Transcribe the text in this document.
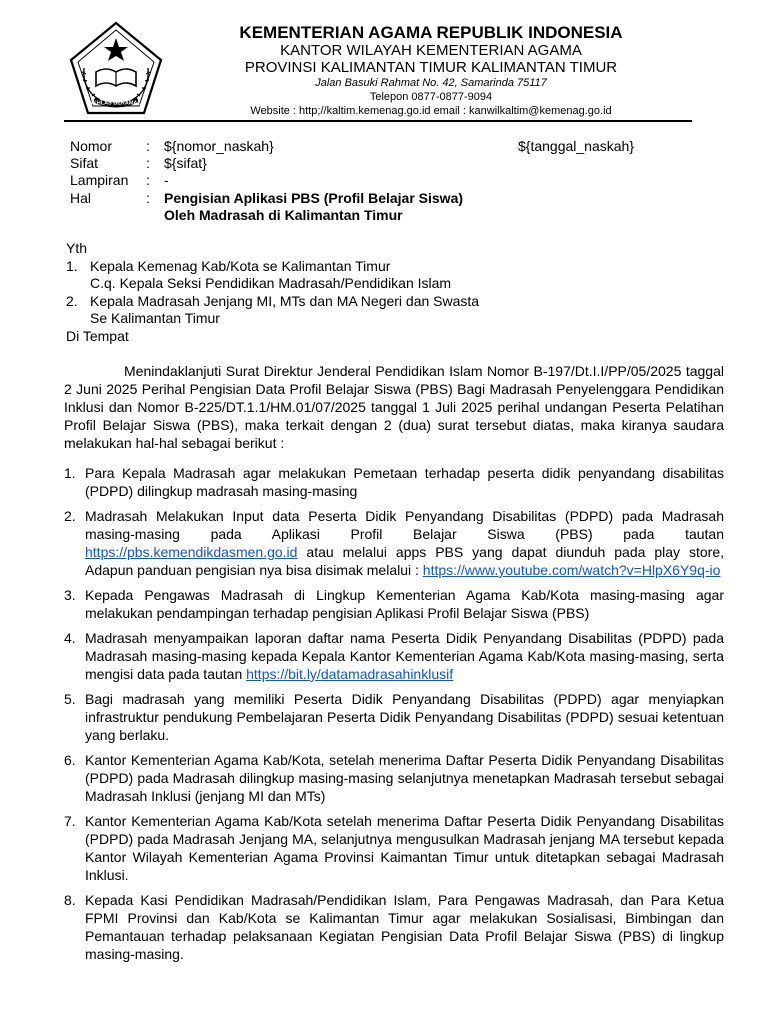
IKHLAS BERAMAL
KEMENTERIAN AGAMA REPUBLIK INDONESIA
KANTOR WILAYAH KEMENTERIAN AGAMA
PROVINSI KALIMANTAN TIMUR KALIMANTAN TIMUR
Jalan Basuki Rahmat No. 42, Samarinda 75117
Telepon 0877-0877-9094
Website : http;//kaltim.kemenag.go.id email : kanwilkaltim@kemenag.go.id
Nomor	:	${nomor_naskah}
Sifat	:	${sifat}
Lampiran	:	-
Hal	:	Pengisian Aplikasi PBS (Profil Belajar Siswa)
Oleh Madrasah di Kalimantan Timur
${tanggal_naskah}
Yth
1. Kepala Kemenag Kab/Kota se Kalimantan Timur
C.q. Kepala Seksi Pendidikan Madrasah/Pendidikan Islam
2. Kepala Madrasah Jenjang MI, MTs dan MA Negeri dan Swasta
Se Kalimantan Timur
Di Tempat

Menindaklanjuti Surat Direktur Jenderal Pendidikan Islam Nomor B-197/Dt.I.I/PP/05/2025 taggal 2 Juni 2025 Perihal Pengisian Data Profil Belajar Siswa (PBS) Bagi Madrasah Penyelenggara Pendidikan Inklusi dan Nomor B-225/DT.1.1/HM.01/07/2025 tanggal 1 Juli 2025 perihal undangan Peserta Pelatihan Profil Belajar Siswa (PBS), maka terkait dengan 2 (dua) surat tersebut diatas, maka kiranya saudara melakukan hal-hal sebagai berikut :

1. Para Kepala Madrasah agar melakukan Pemetaan terhadap peserta didik penyandang disabilitas (PDPD) dilingkup madrasah masing-masing
2. Madrasah Melakukan Input data Peserta Didik Penyandang Disabilitas (PDPD) pada Madrasah masing-masing pada Aplikasi Profil Belajar Siswa (PBS) pada tautan https://pbs.kemendikdasmen.go.id atau melalui apps PBS yang dapat diunduh pada play store, Adapun panduan pengisian nya bisa disimak melalui : https://www.youtube.com/watch?v=HlpX6Y9q-io
3. Kepada Pengawas Madrasah di Lingkup Kementerian Agama Kab/Kota masing-masing agar melakukan pendampingan terhadap pengisian Aplikasi Profil Belajar Siswa (PBS)
4. Madrasah menyampaikan laporan daftar nama Peserta Didik Penyandang Disabilitas (PDPD) pada Madrasah masing-masing kepada Kepala Kantor Kementerian Agama Kab/Kota masing-masing, serta mengisi data pada tautan https://bit.ly/datamadrasahinklusif
5. Bagi madrasah yang memiliki Peserta Didik Penyandang Disabilitas (PDPD) agar menyiapkan infrastruktur pendukung Pembelajaran Peserta Didik Penyandang Disabilitas (PDPD) sesuai ketentuan yang berlaku.
6. Kantor Kementerian Agama Kab/Kota, setelah menerima Daftar Peserta Didik Penyandang Disabilitas (PDPD) pada Madrasah dilingkup masing-masing selanjutnya menetapkan Madrasah tersebut sebagai Madrasah Inklusi (jenjang MI dan MTs)
7. Kantor Kementerian Agama Kab/Kota setelah menerima Daftar Peserta Didik Penyandang Disabilitas (PDPD) pada Madrasah Jenjang MA, selanjutnya mengusulkan Madrasah jenjang MA tersebut kepada Kantor Wilayah Kementerian Agama Provinsi Kaimantan Timur untuk ditetapkan sebagai Madrasah Inklusi.
8. Kepada Kasi Pendidikan Madrasah/Pendidikan Islam, Para Pengawas Madrasah, dan Para Ketua FPMI Provinsi dan Kab/Kota se Kalimantan Timur agar melakukan Sosialisasi, Bimbingan dan Pemantauan terhadap pelaksanaan Kegiatan Pengisian Data Profil Belajar Siswa (PBS) di lingkup masing-masing.
